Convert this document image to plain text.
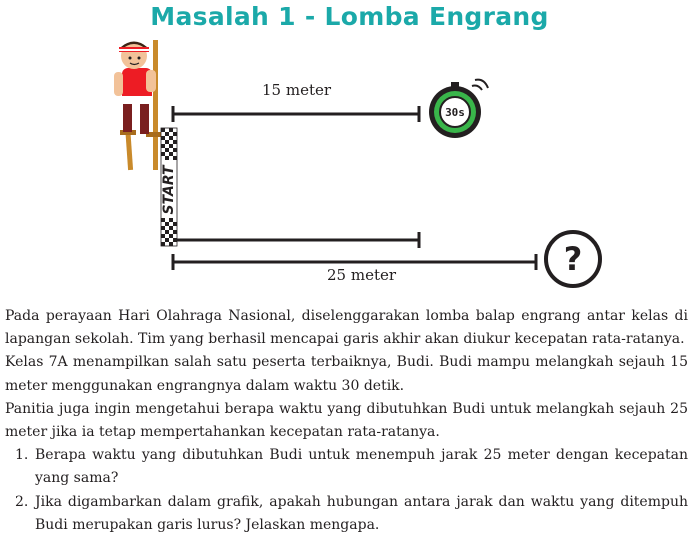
Masalah 1 - Lomba Engrang
START
30s
?
15 meter
25 meter

Pada perayaan Hari Olahraga Nasional, diselenggarakan lomba balap engrang antar kelas di lapangan sekolah. Tim yang berhasil mencapai garis akhir akan diukur kecepatan rata-ratanya.

Kelas 7A menampilkan salah satu peserta terbaiknya, Budi. Budi mampu melangkah sejauh 15 meter menggunakan engrangnya dalam waktu 30 detik.

Panitia juga ingin mengetahui berapa waktu yang dibutuhkan Budi untuk melangkah sejauh 25 meter jika ia tetap mempertahankan kecepatan rata-ratanya.

1. Berapa waktu yang dibutuhkan Budi untuk menempuh jarak 25 meter dengan kecepatan yang sama?
2. Jika digambarkan dalam grafik, apakah hubungan antara jarak dan waktu yang ditempuh Budi merupakan garis lurus? Jelaskan mengapa.
